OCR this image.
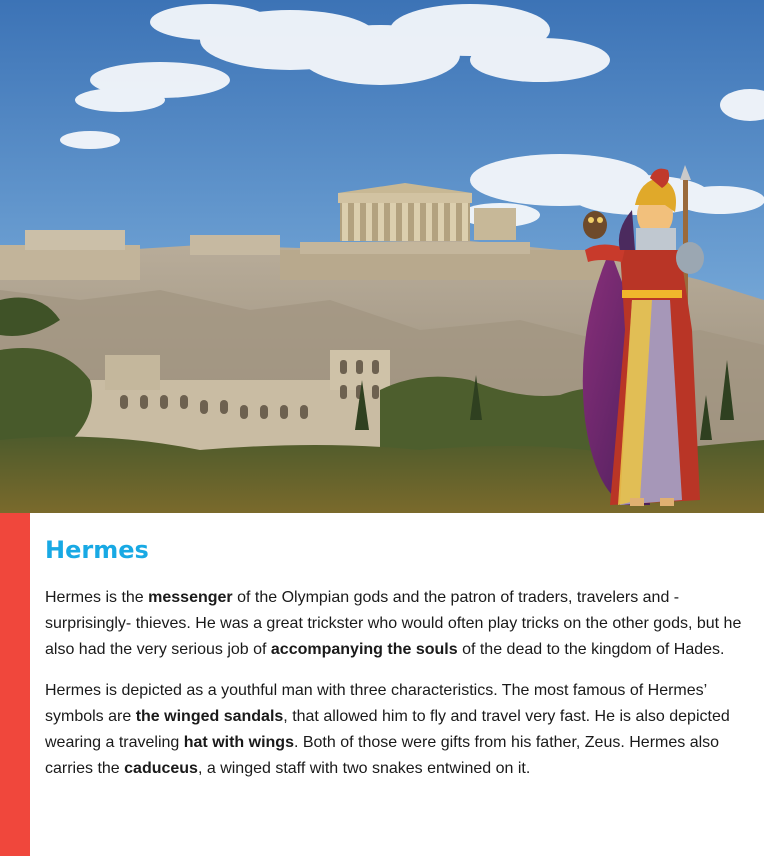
Hermes

Hermes is the messenger of the Olympian gods and the patron of traders, travelers and -surprisingly- thieves. He was a great trickster who would often play tricks on the other gods, but he also had the very serious job of accompanying the souls of the dead to the kingdom of Hades.

Hermes is depicted as a youthful man with three characteristics. The most famous of Hermes’ symbols are the winged sandals, that allowed him to fly and travel very fast. He is also depicted wearing a traveling hat with wings. Both of those were gifts from his father, Zeus. Hermes also carries the caduceus, a winged staff with two snakes entwined on it.
